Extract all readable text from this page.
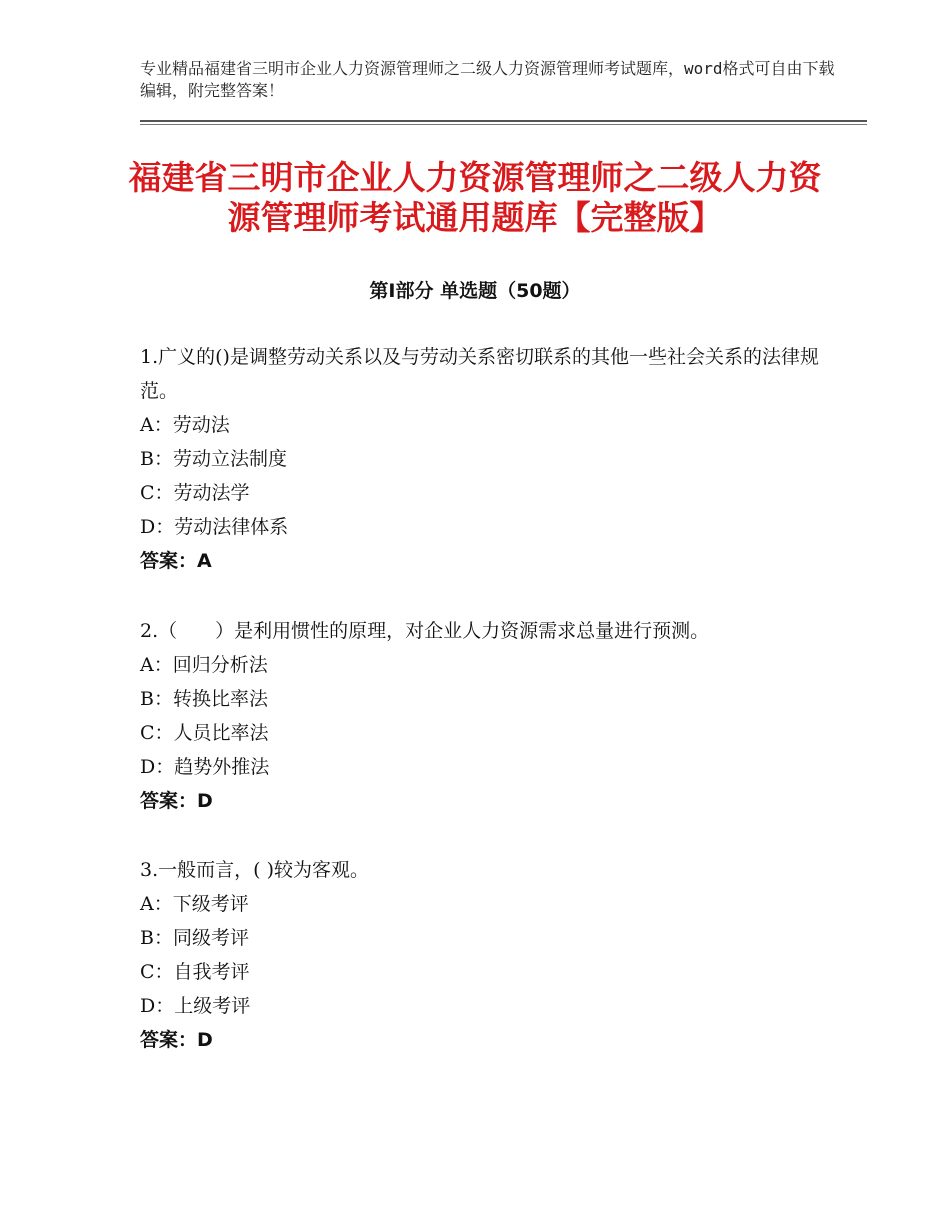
专业精品福建省三明市企业人力资源管理师之二级人力资源管理师考试题库，word格式可自由下载编辑，附完整答案！
福建省三明市企业人力资源管理师之二级人力资源管理师考试通用题库【完整版】
第Ⅰ部分 单选题（50题）
1.广义的()是调整劳动关系以及与劳动关系密切联系的其他一些社会关系的法律规范。
A：劳动法
B：劳动立法制度
C：劳动法学
D：劳动法律体系
答案：A
2.（　　）是利用惯性的原理，对企业人力资源需求总量进行预测。
A：回归分析法
B：转换比率法
C：人员比率法
D：趋势外推法
答案：D
3.一般而言，( )较为客观。
A：下级考评
B：同级考评
C：自我考评
D：上级考评
答案：D
